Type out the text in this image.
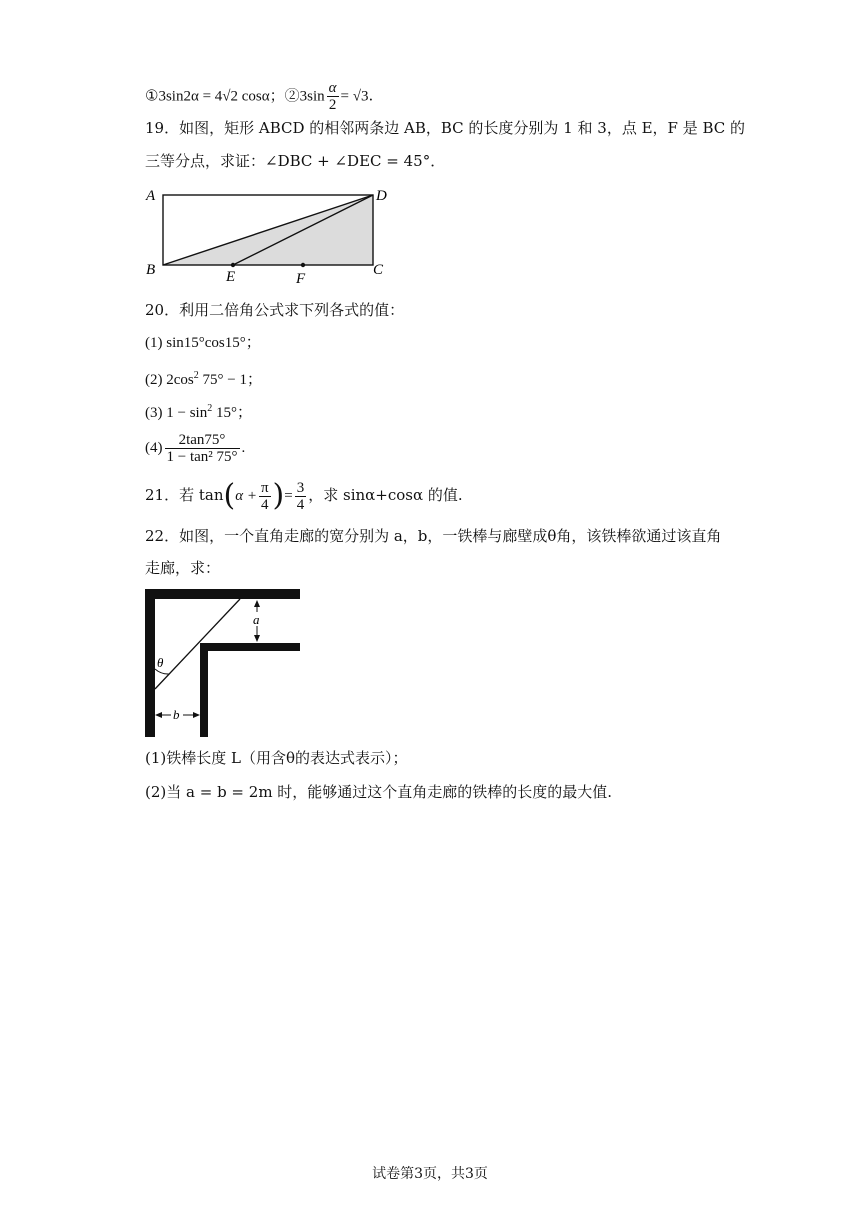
①3sin2α = 4√2 cosα；②3sin $\frac{\alpha}{2} = √3$.
19．如图，矩形 ABCD 的相邻两条边 AB，BC 的长度分别为 1 和 3，点 E，F 是 BC 的
三等分点，求证：∠DBC + ∠DEC = 45°．
A	D
B	C
E	F
20．利用二倍角公式求下列各式的值：
(1) sin15°cos15°；
(2) $2\cos^2$ 75° − 1；
(3) $1 - \sin^2 15^\circ$；
$(4) \frac{2\tan 75^\circ}{\text{1 − tan² 75°}}$ .
21．若 $\tan(\alpha + \frac{\pi}{4}$ )= $\frac{3}{4}$ ，求 sinα+cosα 的值.
22．如图，一个直角走廊的宽分别为 a，b，一铁棒与廊壁成θ角，该铁棒欲通过该直角
走廊，求：
θ
a
b
(1)铁棒长度 L（用含θ的表达式表示）；
(2)当 a = b = 2m 时，能够通过这个直角走廊的铁棒的长度的最大值.
试卷第3页，共3页
